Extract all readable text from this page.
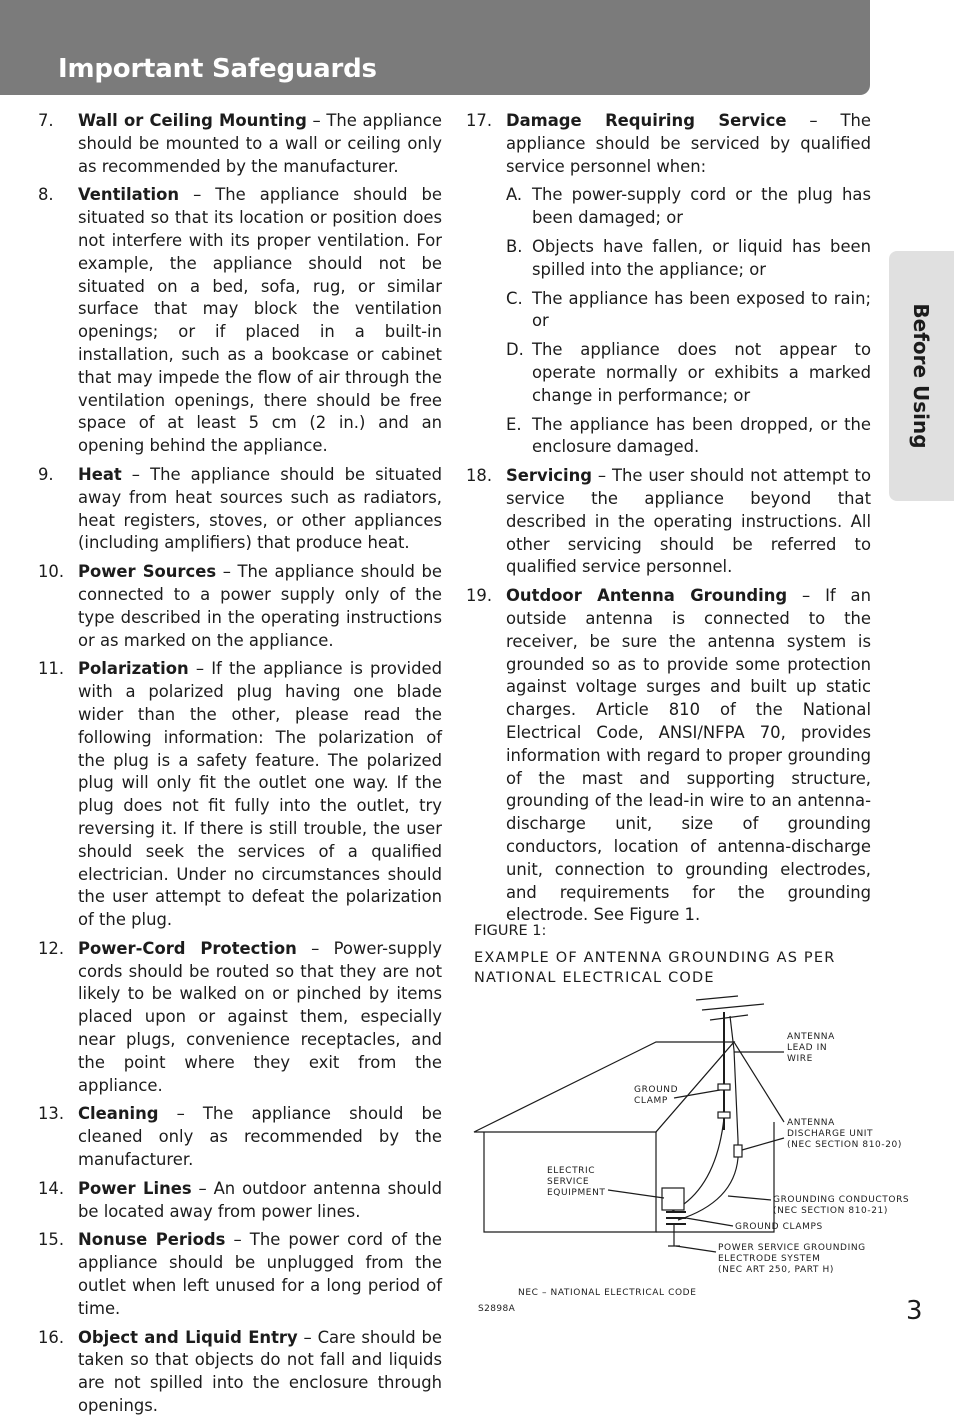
Important Safeguards
Before Using
7. Wall or Ceiling Mounting – The appliance should be mounted to a wall or ceiling only as recommended by the manufacturer.
8. Ventilation – The appliance should be situated so that its location or position does not interfere with its proper ventilation. For example, the appliance should not be situated on a bed, sofa, rug, or similar surface that may block the ventilation openings; or if placed in a built-in installation, such as a bookcase or cabinet that may impede the flow of air through the ventilation openings, there should be free space of at least 5 cm (2 in.) and an opening behind the appliance.
9. Heat – The appliance should be situated away from heat sources such as radiators, heat registers, stoves, or other appliances (including amplifiers) that produce heat.
10. Power Sources – The appliance should be connected to a power supply only of the type described in the operating instructions or as marked on the appliance.
11. Polarization – If the appliance is provided with a polarized plug having one blade wider than the other, please read the following information: The polarization of the plug is a safety feature. The polarized plug will only fit the outlet one way. If the plug does not fit fully into the outlet, try reversing it. If there is still trouble, the user should seek the services of a qualified electrician. Under no circumstances should the user attempt to defeat the polarization of the plug.
12. Power-Cord Protection – Power-supply cords should be routed so that they are not likely to be walked on or pinched by items placed upon or against them, especially near plugs, convenience receptacles, and the point where they exit from the appliance.
13. Cleaning – The appliance should be cleaned only as recommended by the manufacturer.
14. Power Lines – An outdoor antenna should be located away from power lines.
15. Nonuse Periods – The power cord of the appliance should be unplugged from the outlet when left unused for a long period of time.
16. Object and Liquid Entry – Care should be taken so that objects do not fall and liquids are not spilled into the enclosure through openings.
17. Damage Requiring Service – The appliance should be serviced by qualified service personnel when:
A. The power-supply cord or the plug has been damaged; or
B. Objects have fallen, or liquid has been spilled into the appliance; or
C. The appliance has been exposed to rain; or
D. The appliance does not appear to operate normally or exhibits a marked change in performance; or
E. The appliance has been dropped, or the enclosure damaged.
18. Servicing – The user should not attempt to service the appliance beyond that described in the operating instructions. All other servicing should be referred to qualified service personnel.
19. Outdoor Antenna Grounding – If an outside antenna is connected to the receiver, be sure the antenna system is grounded so as to provide some protection against voltage surges and built up static charges. Article 810 of the National Electrical Code, ANSI/NFPA 70, provides information with regard to proper grounding of the mast and supporting structure, grounding of the lead-in wire to an antenna-discharge unit, size of grounding conductors, location of antenna-discharge unit, connection to grounding electrodes, and requirements for the grounding electrode. See Figure 1.
FIGURE 1:
EXAMPLE OF ANTENNA GROUNDING AS PER NATIONAL ELECTRICAL CODE
ANTENNA
LEAD IN
WIRE
GROUND
CLAMP
ANTENNA
DISCHARGE UNIT
(NEC SECTION 810-20)
ELECTRIC
SERVICE
EQUIPMENT
GROUNDING CONDUCTORS
(NEC SECTION 810-21)
GROUND CLAMPS
POWER SERVICE GROUNDING
ELECTRODE SYSTEM
(NEC ART 250, PART H)
NEC – NATIONAL ELECTRICAL CODE
S2898A	3
